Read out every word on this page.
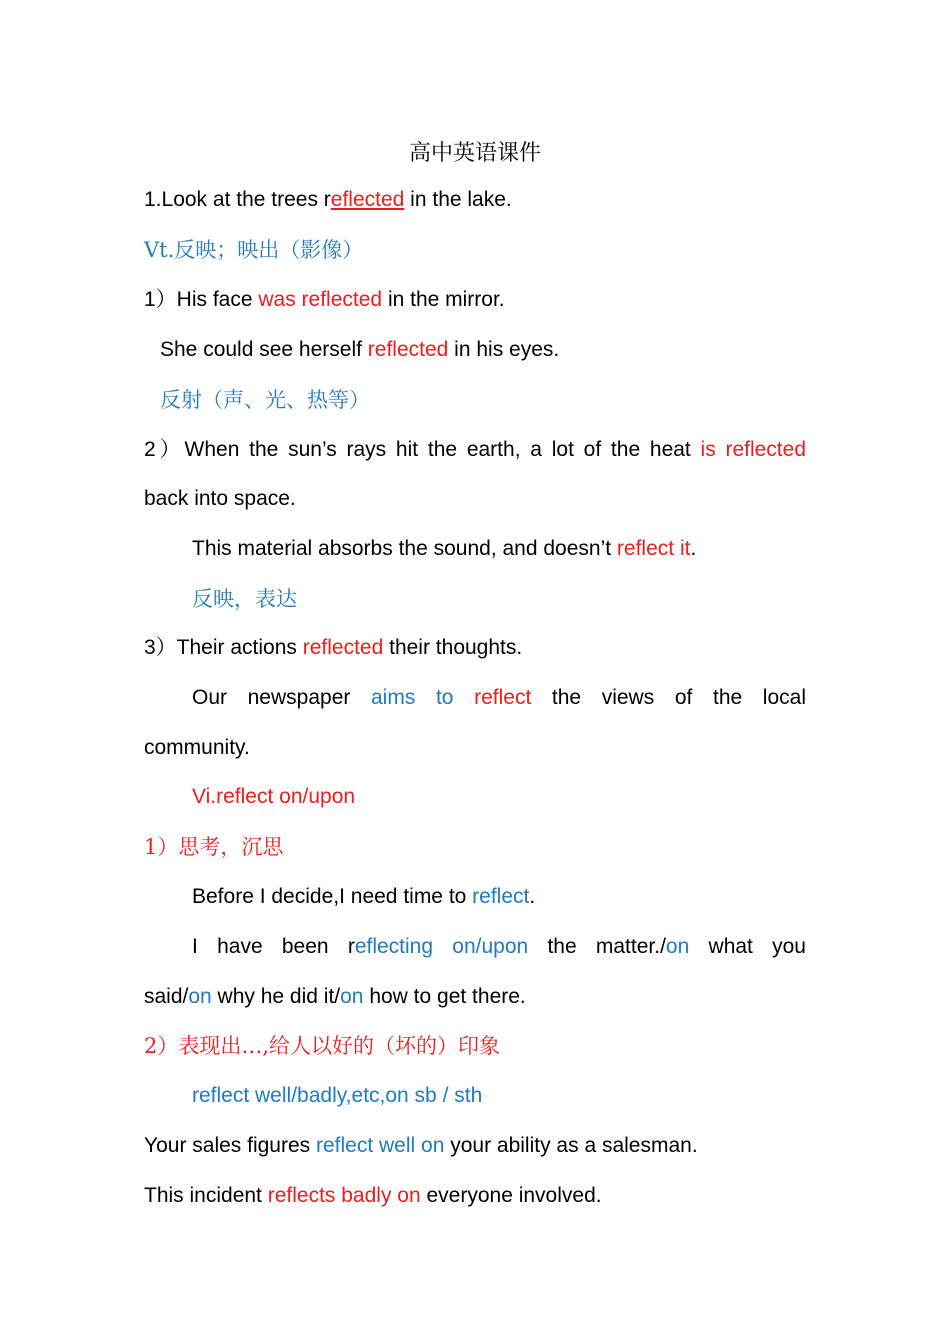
高中英语课件
1.Look at the trees reflected in the lake.
Vt.反映；映出（影像）
1）His face was reflected in the mirror.
She could see herself reflected in his eyes.
反射（声、光、热等）
2）When the sun’s rays hit the earth, a lot of the heat is reflected
back into space.
This material absorbs the sound, and doesn’t reflect it.
反映，表达
3）Their actions reflected their thoughts.
Our newspaper aims to reflect the views of the local
community.
Vi.reflect on/upon
1）思考，沉思
Before I decide,I need time to reflect.
I have been reflecting on/upon the matter./on what you
said/on why he did it/on how to get there.
2）表现出…,给人以好的（坏的）印象
reflect well/badly,etc,on sb / sth
Your sales figures reflect well on your ability as a salesman.
This incident reflects badly on everyone involved.
